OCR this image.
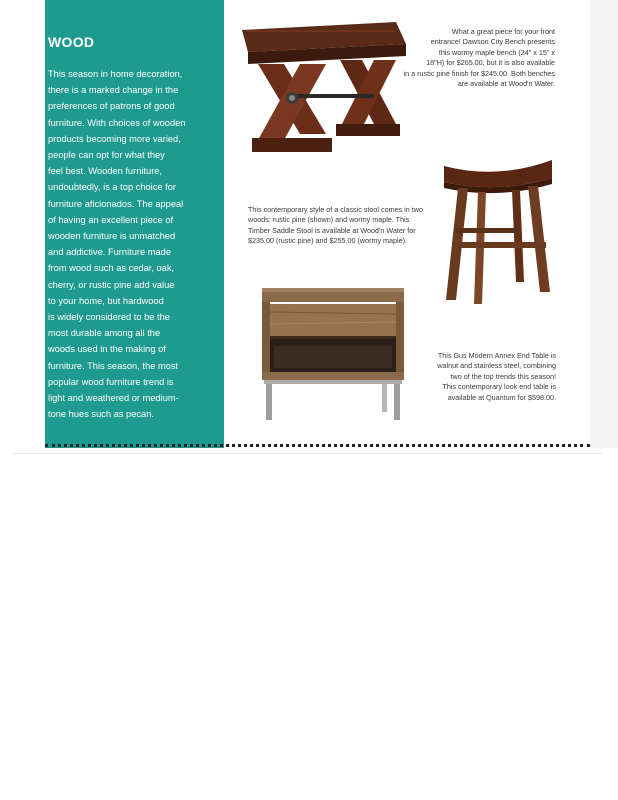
WOOD

This season in home decoration,
there is a marked change in the
preferences of patrons of good
furniture. With choices of wooden
products becoming more varied,
people can opt for what they
feel best. Wooden furniture,
undoubtedly, is a top choice for
furniture aficionados. The appeal
of having an excellent piece of
wooden furniture is unmatched
and addictive. Furniture made
from wood such as cedar, oak,
cherry, or rustic pine add value
to your home, but hardwood
is widely considered to be the
most durable among all the
woods used in the making of
furniture. This season, the most
popular wood furniture trend is
light and weathered or medium-
tone hues such as pecan.

What a great piece for your front
entrance! Dawson City Bench presents
this wormy maple bench (24" x 15" x
18"H) for $265.00, but it is also available
in a rustic pine finish for $245.00. Both benches
are available at Wood'n Water.

This contemporary style of a classic stool comes in two
woods: rustic pine (shown) and wormy maple. This
Timber Saddle Stool is available at Wood'n Water for
$235.00 (rustic pine) and $255.00 (wormy maple).

This Gus Modern Annex End Table is
walnut and stainless steel, combining
two of the top trends this season!
This contemporary look end table is
available at Quantum for $598.00.
